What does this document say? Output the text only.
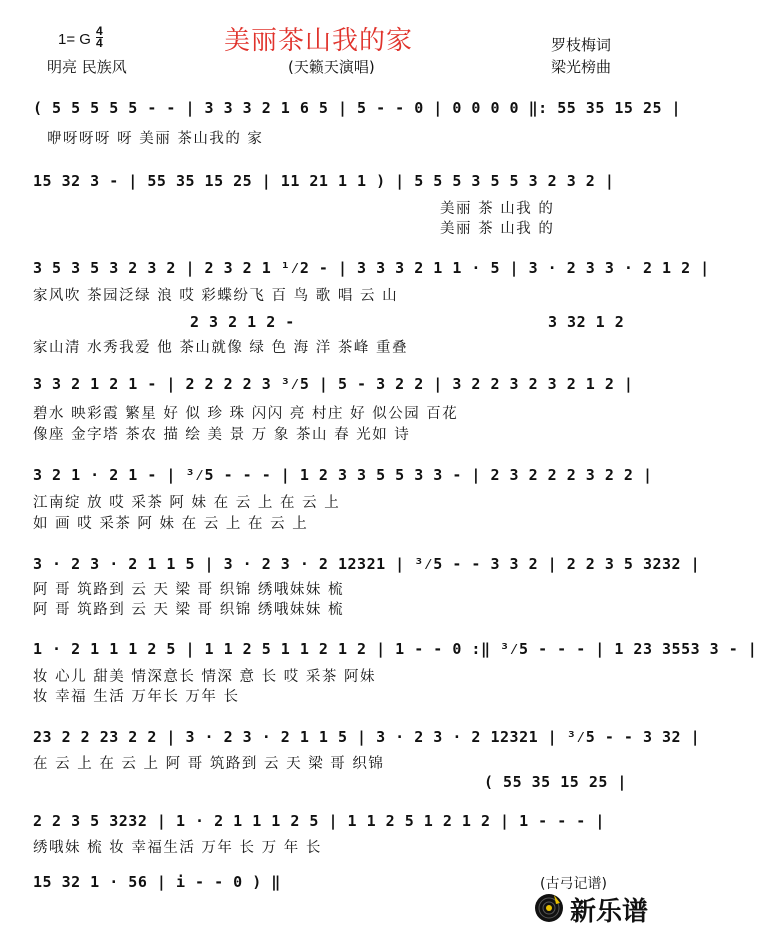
1= G 4
4	美丽茶山我的家	罗枝梅词
明亮 民族风	(天籁天演唱)	梁光榜曲
( 5 5 5 5 5 - - | 3 3 3 2 1 6 5 | 5 - - 0 | 0 0 0 0 ‖: 55 35 15 25 |
咿呀呀呀 呀 美丽 茶山我的 家
15 32 3 - | 55 35 15 25 | 11 21 1 1 ) | 5 5 5 3 5 5 3 2 3 2 |
美丽 茶 山我 的
美丽 茶 山我 的
3 5 3 5 3 2 3 2 | 2 3 2 1 ¹⁄2 - | 3 3 3 2 1 1 · 5 | 3 · 2 3 3 · 2 1 2 |
家风吹 茶园泛绿 浪 哎 彩蝶纷飞 百 鸟 歌 唱 云 山
2 3 2 1 2 -	3 32 1 2
家山清 水秀我爱 他 茶山就像 绿 色 海 洋 茶峰 重叠
3 3 2 1 2 1 - | 2 2 2 2 3 ³⁄5 | 5 - 3 2 2 | 3 2 2 3 2 3 2 1 2 |
碧水 映彩霞 繁星 好 似 珍 珠 闪闪 亮 村庄 好 似公园 百花
像座 金字塔 茶农 描 绘 美 景 万 象 茶山 春 光如 诗
3 2 1 · 2 1 - | ³⁄5 - - - | 1 2 3 3 5 5 3 3 - | 2 3 2 2 2 3 2 2 |
江南绽 放 哎 采茶 阿 妹 在 云 上 在 云 上
如 画 哎 采茶 阿 妹 在 云 上 在 云 上
3 · 2 3 · 2 1 1 5 | 3 · 2 3 · 2 12321 | ³⁄5 - - 3 3 2 | 2 2 3 5 3232 |
阿 哥 筑路到 云 天 梁 哥 织锦 绣哦妹妹 梳
阿 哥 筑路到 云 天 梁 哥 织锦 绣哦妹妹 梳
1 · 2 1 1 1 2 5 | 1 1 2 5 1 1 2 1 2 | 1 - - 0 :‖ ³⁄5 - - - | 1 23 3553 3 - |
妆 心儿 甜美 情深意长 情深 意 长 哎 采茶 阿妹
妆 幸福 生活 万年长 万年 长
23 2 2 23 2 2 | 3 · 2 3 · 2 1 1 5 | 3 · 2 3 · 2 12321 | ³⁄5 - - 3 32 |
在 云 上 在 云 上 阿 哥 筑路到 云 天 梁 哥 织锦
( 55 35 15 25 |
2 2 3 5 3232 | 1 · 2 1 1 1 2 5 | 1 1 2 5 1 2 1 2 | 1 - - - |
绣哦妹 梳 妆 幸福生活 万年 长 万 年 长
15 32 1 · 56 | i - - 0 ) ‖	(古弓记谱)
新乐谱
